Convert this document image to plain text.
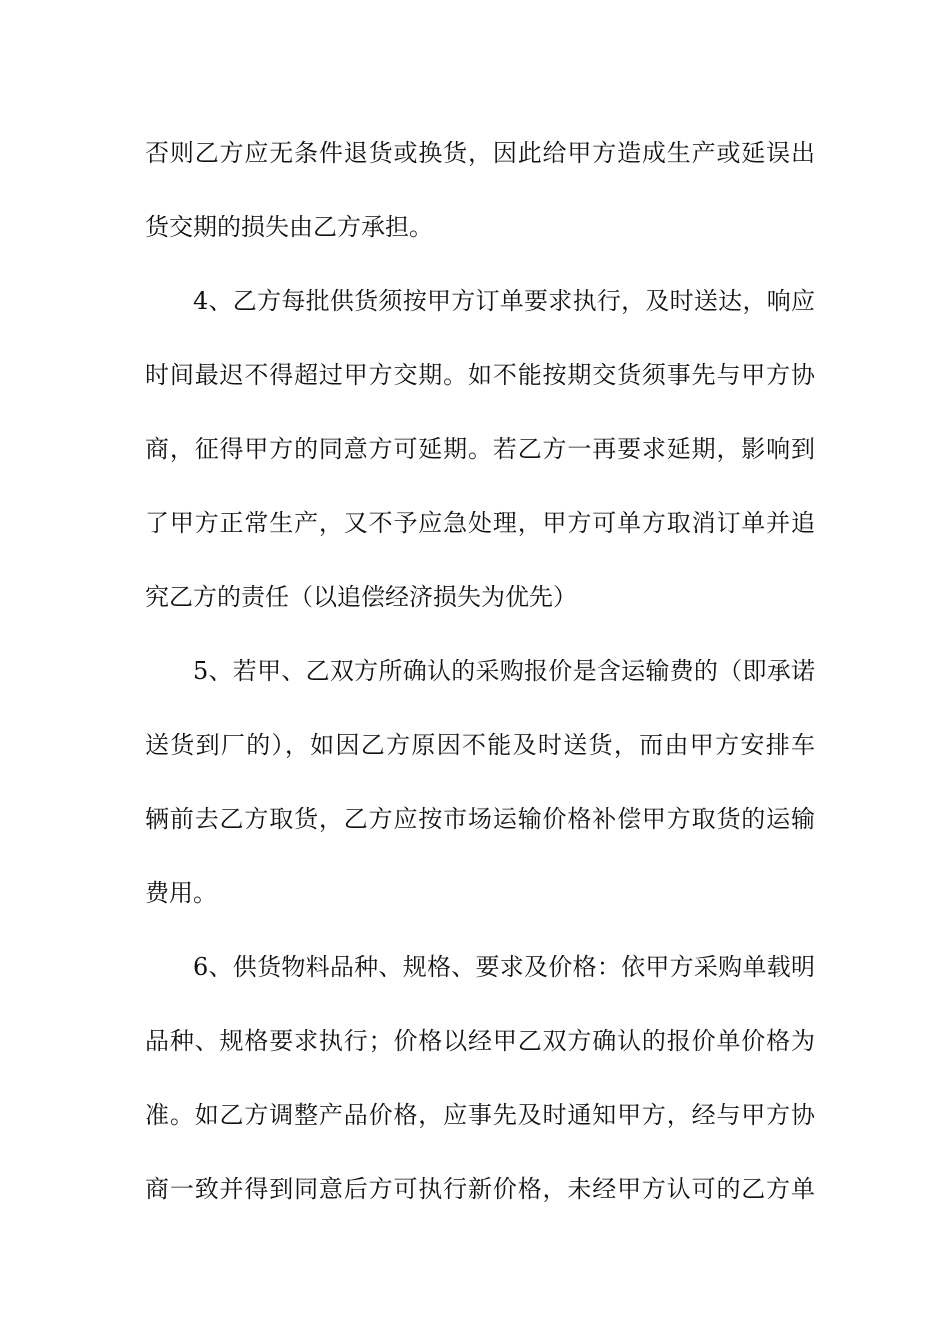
否则乙方应无条件退货或换货，因此给甲方造成生产或延误出
货交期的损失由乙方承担。
4、乙方每批供货须按甲方订单要求执行，及时送达，响应
时间最迟不得超过甲方交期。如不能按期交货须事先与甲方协
商，征得甲方的同意方可延期。若乙方一再要求延期，影响到
了甲方正常生产，又不予应急处理，甲方可单方取消订单并追
究乙方的责任（以追偿经济损失为优先）
5、若甲、乙双方所确认的采购报价是含运输费的（即承诺
送货到厂的），如因乙方原因不能及时送货，而由甲方安排车
辆前去乙方取货，乙方应按市场运输价格补偿甲方取货的运输
费用。
6、供货物料品种、规格、要求及价格：依甲方采购单载明
品种、规格要求执行；价格以经甲乙双方确认的报价单价格为
准。如乙方调整产品价格，应事先及时通知甲方，经与甲方协
商一致并得到同意后方可执行新价格，未经甲方认可的乙方单
